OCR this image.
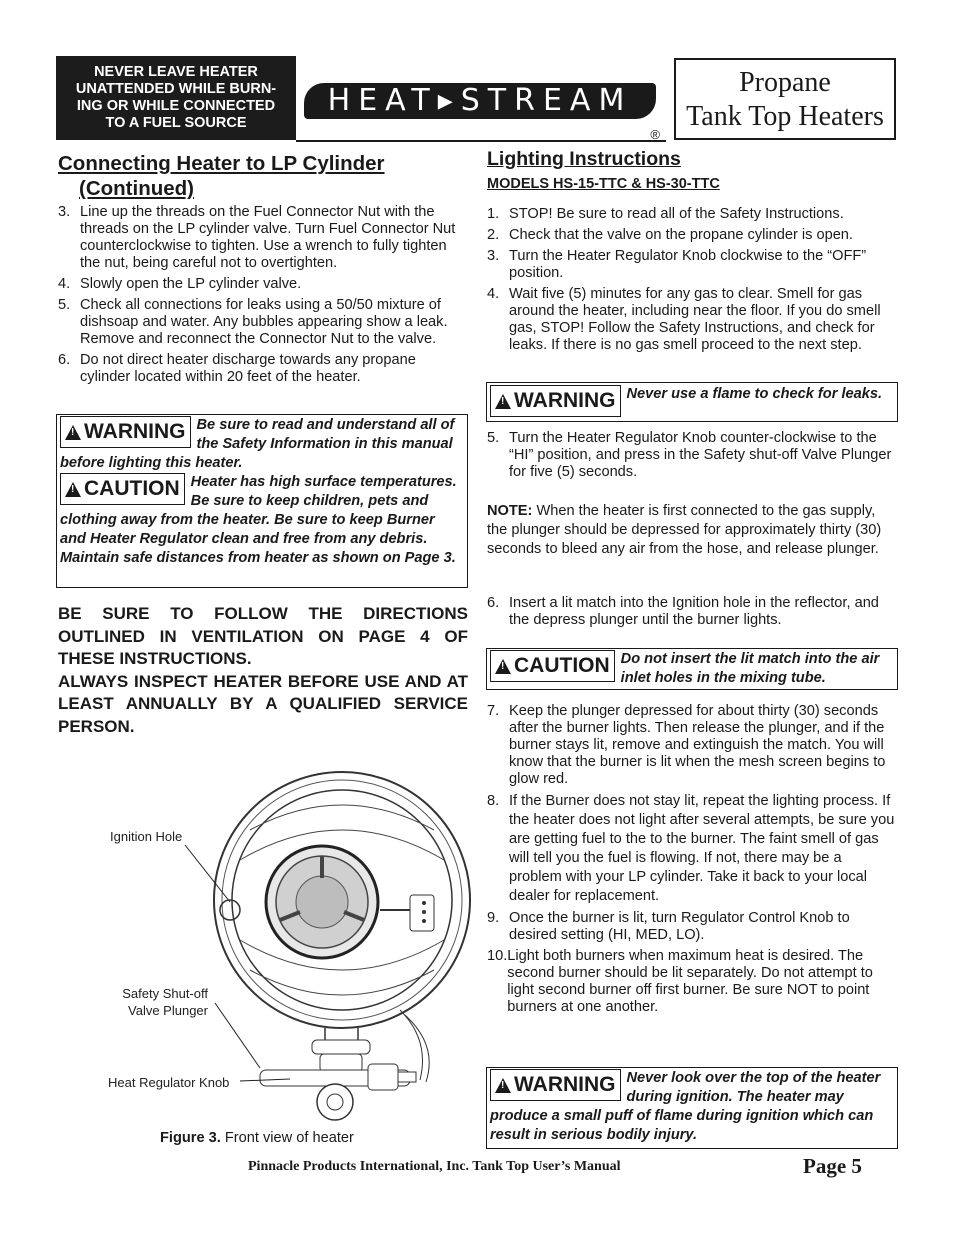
NEVER LEAVE HEATER
UNATTENDED WHILE BURN-
ING OR WHILE CONNECTED
TO A FUEL SOURCE
HEAT▸STREAM
®
Propane
Tank Top Heaters
Connecting Heater to LP Cylinder
(Continued)
3. Line up the threads on the Fuel Connector Nut with the threads on the LP cylinder valve. Turn Fuel Connector Nut counterclockwise to tighten. Use a wrench to fully tighten the nut, being careful not to overtighten.
4. Slowly open the LP cylinder valve.
5. Check all connections for leaks using a 50/50 mixture of dishsoap and water. Any bubbles appearing show a leak. Remove and reconnect the Connector Nut to the valve.
6. Do not direct heater discharge towards any propane cylinder located within 20 feet of the heater.
!
WARNING Be sure to read and understand all of the Safety Information in this manual before lighting this heater.
!
CAUTION Heater has high surface temperatures. Be sure to keep children, pets and clothing away from the heater. Be sure to keep Burner and Heater Regulator clean and free from any debris. Maintain safe distances from heater as shown on Page 3.

BE SURE TO FOLLOW THE DIRECTIONS OUTLINED IN VENTILATION ON PAGE 4 OF THESE INSTRUCTIONS.

ALWAYS INSPECT HEATER BEFORE USE AND AT LEAST ANNUALLY BY A QUALIFIED SERVICE PERSON.

Ignition Hole
Safety Shut-off
Valve Plunger
Heat Regulator Knob
Figure 3. Front view of heater
Lighting Instructions
MODELS HS-15-TTC & HS-30-TTC
1. STOP! Be sure to read all of the Safety Instructions.
2. Check that the valve on the propane cylinder is open.
3. Turn the Heater Regulator Knob clockwise to the “OFF” position.
4. Wait five (5) minutes for any gas to clear. Smell for gas around the heater, including near the floor. If you do smell gas, STOP! Follow the Safety Instructions, and check for leaks. If there is no gas smell proceed to the next step.
!
WARNING Never use a flame to check for leaks.
5. Turn the Heater Regulator Knob counter-clockwise to the “HI” position, and press in the Safety shut-off Valve Plunger for five (5) seconds.
NOTE: When the heater is first connected to the gas supply, the plunger should be depressed for approximately thirty (30) seconds to bleed any air from the hose, and release plunger.
6. Insert a lit match into the Ignition hole in the reflector, and the depress plunger until the burner lights.
!
CAUTION Do not insert the lit match into the air inlet holes in the mixing tube.
7. Keep the plunger depressed for about thirty (30) seconds after the burner lights. Then release the plunger, and if the burner stays lit, remove and extinguish the match. You will know that the burner is lit when the mesh screen begins to glow red.
8. If the Burner does not stay lit, repeat the lighting process. If the heater does not light after several attempts, be sure you are getting fuel to the to the burner. The faint smell of gas will tell you the fuel is flowing. If not, there may be a problem with your LP cylinder. Take it back to your local dealer for replacement.
9. Once the burner is lit, turn Regulator Control Knob to desired setting (HI, MED, LO).
10. Light both burners when maximum heat is desired. The second burner should be lit separately. Do not attempt to light second burner off first burner. Be sure NOT to point burners at one another.
!
WARNING Never look over the top of the heater during ignition. The heater may produce a small puff of flame during ignition which can result in serious bodily injury.
Pinnacle Products International, Inc. Tank Top User’s Manual	Page 5
